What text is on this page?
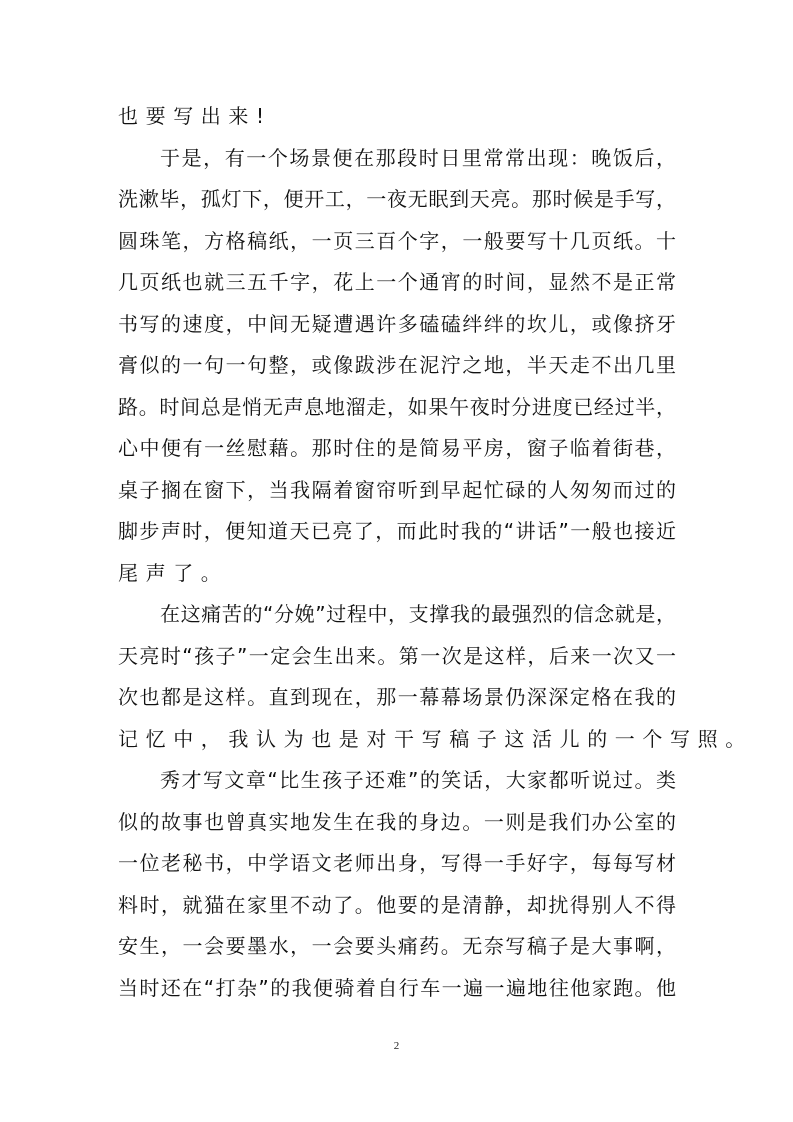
也要写出来!
于是，有一个场景便在那段时日里常常出现：晚饭后，
洗漱毕，孤灯下，便开工，一夜无眠到天亮。那时候是手写，
圆珠笔，方格稿纸，一页三百个字，一般要写十几页纸。十
几页纸也就三五千字，花上一个通宵的时间，显然不是正常
书写的速度，中间无疑遭遇许多磕磕绊绊的坎儿，或像挤牙
膏似的一句一句整，或像跋涉在泥泞之地，半天走不出几里
路。时间总是悄无声息地溜走，如果午夜时分进度已经过半，
心中便有一丝慰藉。那时住的是简易平房，窗子临着街巷，
桌子搁在窗下，当我隔着窗帘听到早起忙碌的人匆匆而过的
脚步声时，便知道天已亮了，而此时我的“讲话”一般也接近
尾声了。
在这痛苦的“分娩”过程中，支撑我的最强烈的信念就是，
天亮时“孩子”一定会生出来。第一次是这样，后来一次又一
次也都是这样。直到现在，那一幕幕场景仍深深定格在我的
记忆中，我认为也是对干写稿子这活儿的一个写照。
秀才写文章“比生孩子还难”的笑话，大家都听说过。类
似的故事也曾真实地发生在我的身边。一则是我们办公室的
一位老秘书，中学语文老师出身，写得一手好字，每每写材
料时，就猫在家里不动了。他要的是清静，却扰得别人不得
安生，一会要墨水，一会要头痛药。无奈写稿子是大事啊，
当时还在“打杂”的我便骑着自行车一遍一遍地往他家跑。他
2
